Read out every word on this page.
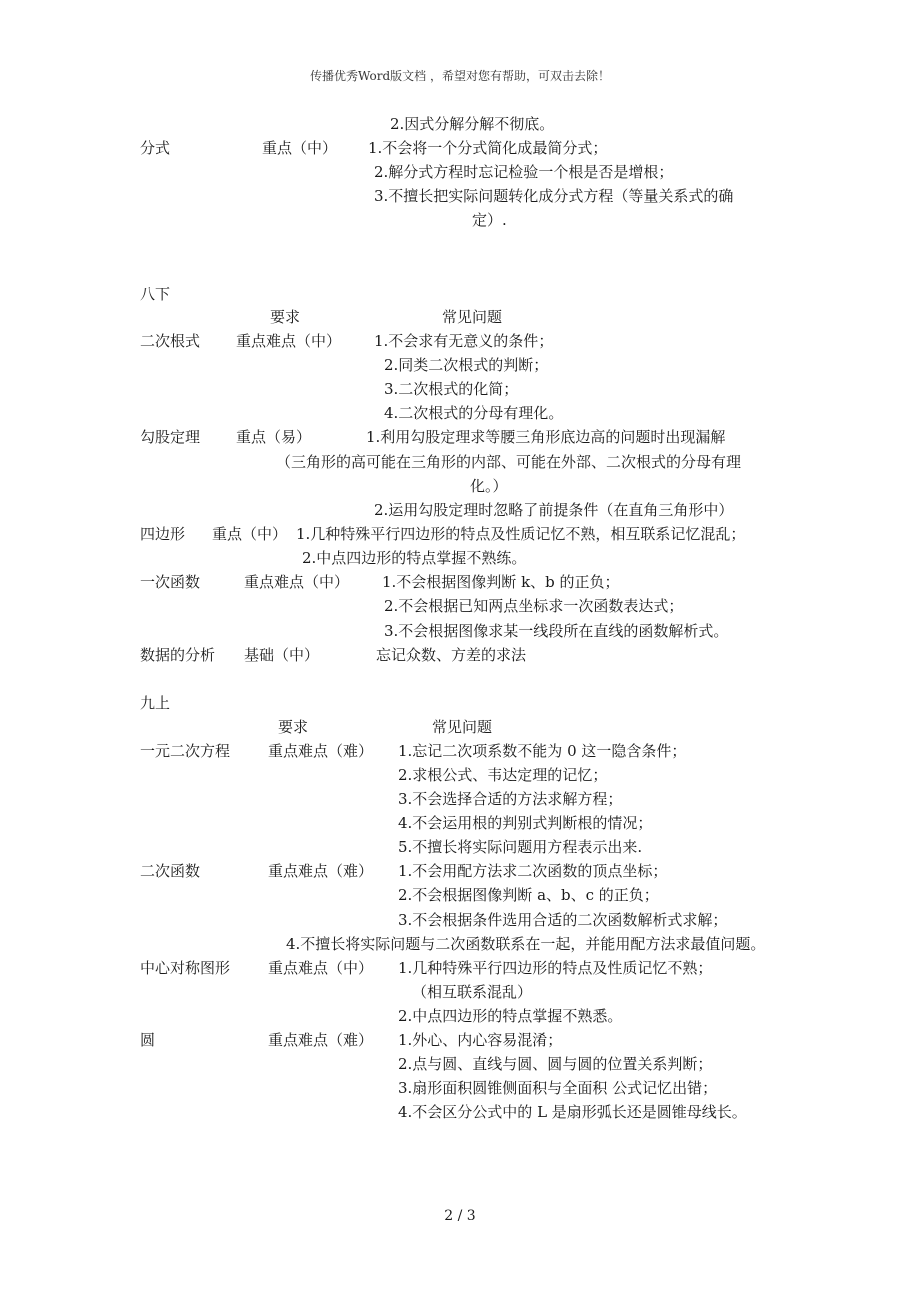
传播优秀Word版文档 ，希望对您有帮助，可双击去除！
2.因式分解分解不彻底。
分式	重点（中） 1.不会将一个分式简化成最简分式；
2.解分式方程时忘记检验一个根是否是增根；
3.不擅长把实际问题转化成分式方程（等量关系式的确
定）.
八下
要求	常见问题
二次根式 重点难点（中） 1.不会求有无意义的条件；
2.同类二次根式的判断；
3.二次根式的化简；
4.二次根式的分母有理化。
勾股定理 重点（易）	1.利用勾股定理求等腰三角形底边高的问题时出现漏解
（三角形的高可能在三角形的内部、可能在外部、二次根式的分母有理
化。）
2.运用勾股定理时忽略了前提条件（在直角三角形中）
四边形 重点（中） 1.几种特殊平行四边形的特点及性质记忆不熟，相互联系记忆混乱；
2.中点四边形的特点掌握不熟练。
一次函数	重点难点（中） 1.不会根据图像判断 k、b 的正负；
2.不会根据已知两点坐标求一次函数表达式；
3.不会根据图像求某一线段所在直线的函数解析式。
数据的分析 基础（中）	忘记众数、方差的求法
九上
要求	常见问题
一元二次方程	重点难点（难） 1.忘记二次项系数不能为 0 这一隐含条件；
2.求根公式、韦达定理的记忆；
3.不会选择合适的方法求解方程；
4.不会运用根的判别式判断根的情况；
5.不擅长将实际问题用方程表示出来.
二次函数	重点难点（难） 1.不会用配方法求二次函数的顶点坐标；
2.不会根据图像判断 a、b、c 的正负；
3.不会根据条件选用合适的二次函数解析式求解；
4.不擅长将实际问题与二次函数联系在一起，并能用配方法求最值问题。
中心对称图形	重点难点（中） 1.几种特殊平行四边形的特点及性质记忆不熟；
（相互联系混乱）
2.中点四边形的特点掌握不熟悉。
圆	重点难点（难） 1.外心、内心容易混淆；
2.点与圆、直线与圆、圆与圆的位置关系判断；
3.扇形面积圆锥侧面积与全面积 公式记忆出错；
4.不会区分公式中的 L 是扇形弧长还是圆锥母线长。
2 / 3
